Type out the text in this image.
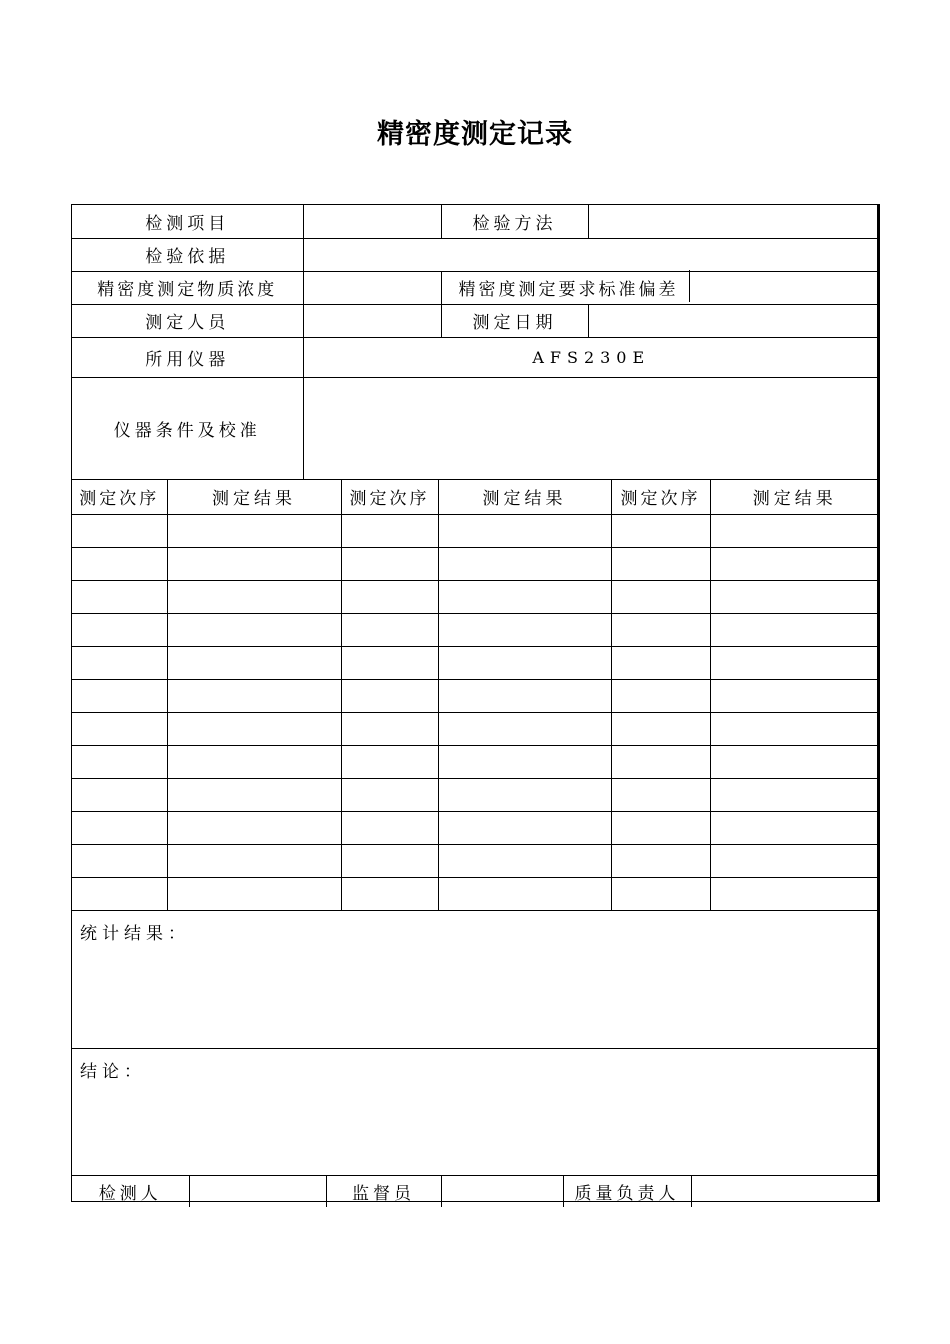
精密度测定记录
检测项目		检验方法	
检验依据			
精密度测定物质浓度		精密度测定要求标准偏差	
测定人员		测定日期	
所用仪器	AFS230E		
仪器条件及校准			
测定次序	测定结果	测定次序	测定结果	测定次序	测定结果

统计结果：
结论：
检测人		监督员		质量负责人	
